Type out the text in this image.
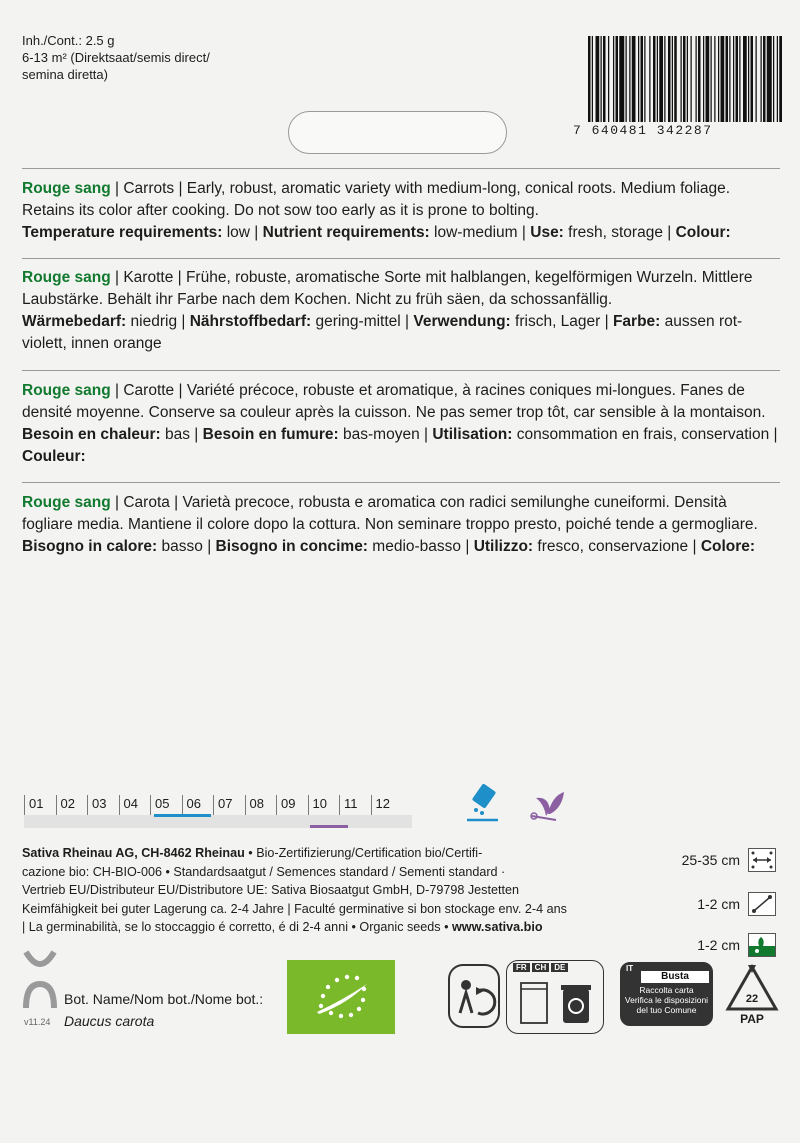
Inh./Cont.: 2.5 g
6-13 m² (Direktsaat/semis direct/
semina diretta)
7 640481 342287
Rouge sang | Carrots | Early, robust, aromatic variety with medium-long, conical roots. Medium foliage. Retains its color after cooking. Do not sow too early as it is prone to bolting.
Temperature requirements: low | Nutrient requirements: low-medium | Use: fresh, storage | Colour:
Rouge sang | Karotte | Frühe, robuste, aromatische Sorte mit halblangen, kegelförmigen Wurzeln. Mittlere Laubstärke. Behält ihr Farbe nach dem Kochen. Nicht zu früh säen, da schossanfällig.
Wärmebedarf: niedrig | Nährstoffbedarf: gering-mittel | Verwendung: frisch, Lager | Farbe: aussen rot-violett, innen orange
Rouge sang | Carotte | Variété précoce, robuste et aromatique, à racines coniques mi-longues. Fanes de densité moyenne. Conserve sa couleur après la cuisson. Ne pas semer trop tôt, car sensible à la montaison.
Besoin en chaleur: bas | Besoin en fumure: bas-moyen | Utilisation: consommation en frais, conservation | Couleur:
Rouge sang | Carota | Varietà precoce, robusta e aromatica con radici semilunghe cuneiformi. Densità fogliare media. Mantiene il colore dopo la cottura. Non seminare troppo presto, poiché tende a germogliare.
Bisogno in calore: basso | Bisogno in concime: medio-basso | Utilizzo: fresco, conservazione | Colore:
01	02	03	04	05	06	07	08	09	10	11	12
Sativa Rheinau AG, CH-8462 Rheinau • Bio-Zertifizierung/Certification bio/Certifi-
cazione bio: CH-BIO-006 • Standardsaatgut / Semences standard / Sementi standard ·
Vertrieb EU/Distributeur EU/Distributore UE: Sativa Biosaatgut GmbH, D-79798 Jestetten
Keimfähigkeit bei guter Lagerung ca. 2-4 Jahre | Faculté germinative si bon stockage env. 2-4 ans
| La germinabilità, se lo stoccaggio é corretto, é di 2-4 anni • Organic seeds • www.sativa.bio
25-35 cm
1-2 cm
1-2 cm
Bot. Name/Nom bot./Nome bot.:
Daucus carota
v11.24
FR	CH	DE	IT
Busta
Raccolta carta
Verifica le disposizioni
del tuo Comune
22
PAP
